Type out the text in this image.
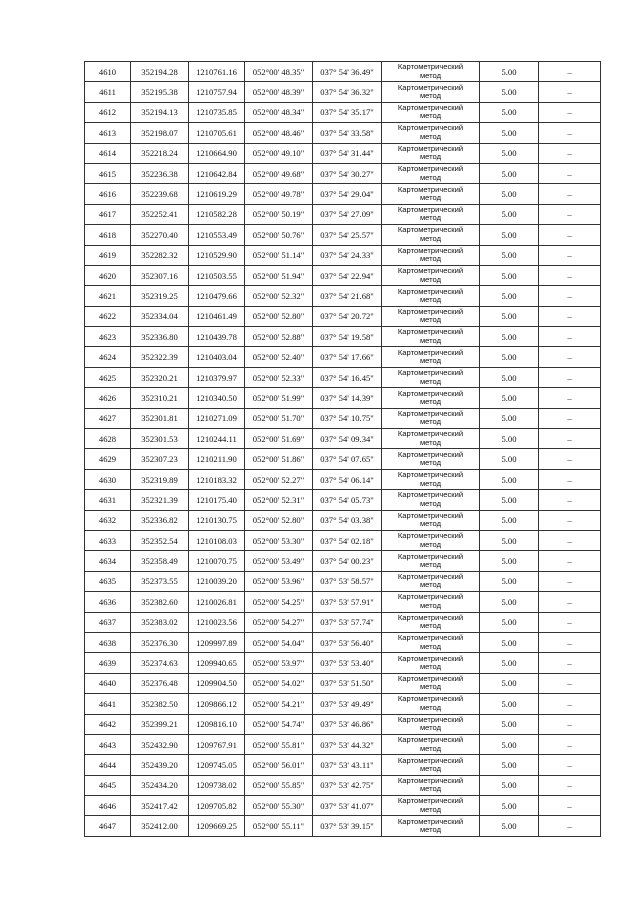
4610	352194.28	1210761.16	052°00' 48.35"	037° 54' 36.49"	Картометрический
метод	5.00	–
4611	352195.38	1210757.94	052°00' 48.39"	037° 54' 36.32"	Картометрический
метод	5.00	–
4612	352194.13	1210735.85	052°00' 48.34"	037° 54' 35.17"	Картометрический
метод	5.00	–
4613	352198.07	1210705.61	052°00' 48.46"	037° 54' 33.58"	Картометрический
метод	5.00	–
4614	352218.24	1210664.90	052°00' 49.10"	037° 54' 31.44"	Картометрический
метод	5.00	–
4615	352236.38	1210642.84	052°00' 49.68"	037° 54' 30.27"	Картометрический
метод	5.00	–
4616	352239.68	1210619.29	052°00' 49.78"	037° 54' 29.04"	Картометрический
метод	5.00	–
4617	352252.41	1210582.28	052°00' 50.19"	037° 54' 27.09"	Картометрический
метод	5.00	–
4618	352270.40	1210553.49	052°00' 50.76"	037° 54' 25.57"	Картометрический
метод	5.00	–
4619	352282.32	1210529.90	052°00' 51.14"	037° 54' 24.33"	Картометрический
метод	5.00	–
4620	352307.16	1210503.55	052°00' 51.94"	037° 54' 22.94"	Картометрический
метод	5.00	–
4621	352319.25	1210479.66	052°00' 52.32"	037° 54' 21.68"	Картометрический
метод	5.00	–
4622	352334.04	1210461.49	052°00' 52.80"	037° 54' 20.72"	Картометрический
метод	5.00	–
4623	352336.80	1210439.78	052°00' 52.88"	037° 54' 19.58"	Картометрический
метод	5.00	–
4624	352322.39	1210403.04	052°00' 52.40"	037° 54' 17.66"	Картометрический
метод	5.00	–
4625	352320.21	1210379.97	052°00' 52.33"	037° 54' 16.45"	Картометрический
метод	5.00	–
4626	352310.21	1210340.50	052°00' 51.99"	037° 54' 14.39"	Картометрический
метод	5.00	–
4627	352301.81	1210271.09	052°00' 51.70"	037° 54' 10.75"	Картометрический
метод	5.00	–
4628	352301.53	1210244.11	052°00' 51.69"	037° 54' 09.34"	Картометрический
метод	5.00	–
4629	352307.23	1210211.90	052°00' 51.86"	037° 54' 07.65"	Картометрический
метод	5.00	–
4630	352319.89	1210183.32	052°00' 52.27"	037° 54' 06.14"	Картометрический
метод	5.00	–
4631	352321.39	1210175.40	052°00' 52.31"	037° 54' 05.73"	Картометрический
метод	5.00	–
4632	352336.82	1210130.75	052°00' 52.80"	037° 54' 03.38"	Картометрический
метод	5.00	–
4633	352352.54	1210108.03	052°00' 53.30"	037° 54' 02.18"	Картометрический
метод	5.00	–
4634	352358.49	1210070.75	052°00' 53.49"	037° 54' 00.23"	Картометрический
метод	5.00	–
4635	352373.55	1210039.20	052°00' 53.96"	037° 53' 58.57"	Картометрический
метод	5.00	–
4636	352382.60	1210026.81	052°00' 54.25"	037° 53' 57.91"	Картометрический
метод	5.00	–
4637	352383.02	1210023.56	052°00' 54.27"	037° 53' 57.74"	Картометрический
метод	5.00	–
4638	352376.30	1209997.89	052°00' 54.04"	037° 53' 56.40"	Картометрический
метод	5.00	–
4639	352374.63	1209940.65	052°00' 53.97"	037° 53' 53.40"	Картометрический
метод	5.00	–
4640	352376.48	1209904.50	052°00' 54.02"	037° 53' 51.50"	Картометрический
метод	5.00	–
4641	352382.50	1209866.12	052°00' 54.21"	037° 53' 49.49"	Картометрический
метод	5.00	–
4642	352399.21	1209816.10	052°00' 54.74"	037° 53' 46.86"	Картометрический
метод	5.00	–
4643	352432.90	1209767.91	052°00' 55.81"	037° 53' 44.32"	Картометрический
метод	5.00	–
4644	352439.20	1209745.05	052°00' 56.01"	037° 53' 43.11"	Картометрический
метод	5.00	–
4645	352434.20	1209738.02	052°00' 55.85"	037° 53' 42.75"	Картометрический
метод	5.00	–
4646	352417.42	1209705.82	052°00' 55.30"	037° 53' 41.07"	Картометрический
метод	5.00	–
4647	352412.00	1209669.25	052°00' 55.11"	037° 53' 39.15"	Картометрический
метод	5.00	–
